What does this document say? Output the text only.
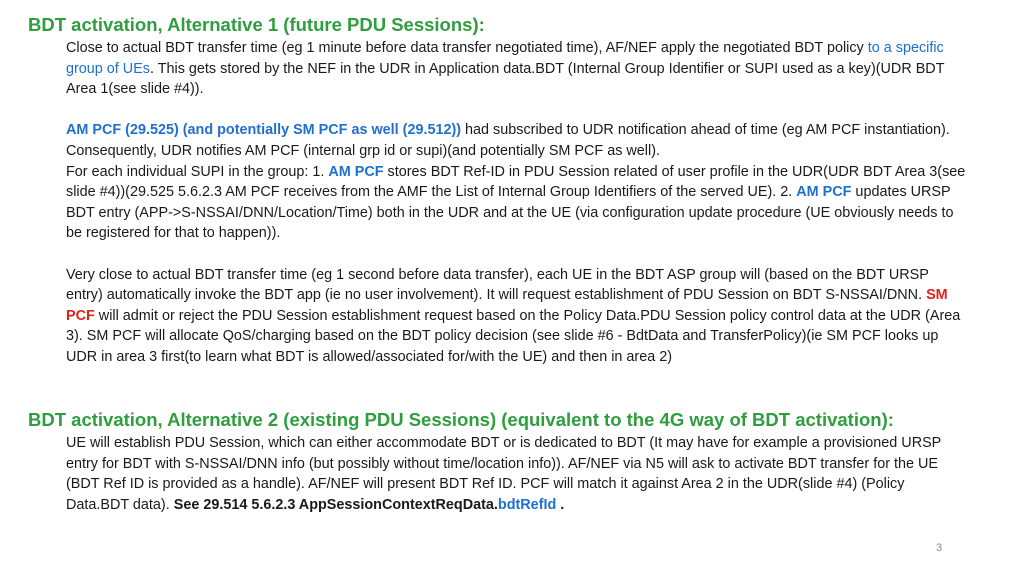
BDT activation, Alternative 1 (future PDU Sessions):

Close to actual BDT transfer time (eg 1 minute before data transfer negotiated time), AF/NEF apply the negotiated BDT policy to a specific group of UEs. This gets stored by the NEF in the UDR in Application data.BDT (Internal Group Identifier or SUPI used as a key)(UDR BDT Area 1(see slide #4)).

AM PCF (29.525) (and potentially SM PCF as well (29.512)) had subscribed to UDR notification ahead of time (eg AM PCF instantiation). Consequently, UDR notifies AM PCF (internal grp id or supi)(and potentially SM PCF as well).
For each individual SUPI in the group: 1. AM PCF stores BDT Ref-ID in PDU Session related of user profile in the UDR(UDR BDT Area 3(see slide #4))(29.525 5.6.2.3 AM PCF receives from the AMF the List of Internal Group Identifiers of the served UE). 2. AM PCF updates URSP BDT entry (APP->S-NSSAI/DNN/Location/Time) both in the UDR and at the UE (via configuration update procedure (UE obviously needs to be registered for that to happen)).

Very close to actual BDT transfer time (eg 1 second before data transfer), each UE in the BDT ASP group will (based on the BDT URSP entry) automatically invoke the BDT app (ie no user involvement). It will request establishment of PDU Session on BDT S-NSSAI/DNN. SM PCF will admit or reject the PDU Session establishment request based on the Policy Data.PDU Session policy control data at the UDR (Area 3). SM PCF will allocate QoS/charging based on the BDT policy decision (see slide #6 - BdtData and TransferPolicy)(ie SM PCF looks up UDR in area 3 first(to learn what BDT is allowed/associated for/with the UE) and then in area 2)

BDT activation, Alternative 2 (existing PDU Sessions) (equivalent to the 4G way of BDT activation):

UE will establish PDU Session, which can either accommodate BDT or is dedicated to BDT (It may have for example a provisioned URSP entry for BDT with S-NSSAI/DNN info (but possibly without time/location info)). AF/NEF via N5 will ask to activate BDT transfer for the UE (BDT Ref ID is provided as a handle). AF/NEF will present BDT Ref ID. PCF will match it against Area 2 in the UDR(slide #4) (Policy Data.BDT data). See 29.514 5.6.2.3 AppSessionContextReqData.bdtRefId .

3
